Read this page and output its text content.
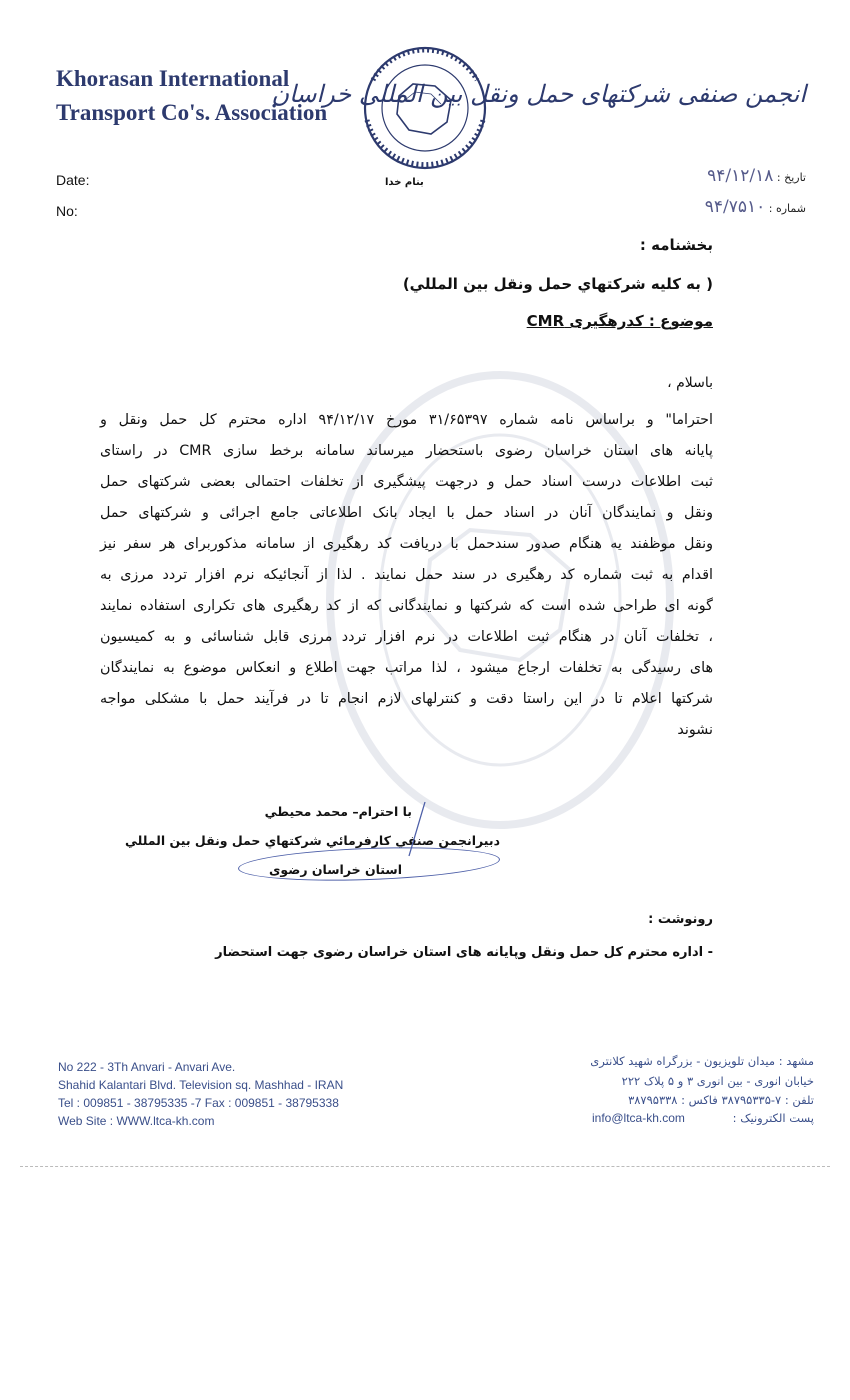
Khorasan International
Transport Co's. Association
بنام خدا
انجمن صنفی شرکتهای حمل ونقل بین المللی خراسان
Date:
No:
تاریخ : ۹۴/۱۲/۱۸
شماره : ۹۴/۷۵۱۰
بخشنامه :
( به کلیه شرکتهاي حمل ونقل بین المللي)
موضوع : کدرهگیری CMR
باسلام ،
احتراما" و براساس نامه شماره ۳۱/۶۵۳۹۷ مورخ ۹۴/۱۲/۱۷ اداره محترم کل حمل ونقل و
پایانه های استان خراسان رضوی باستحضار میرساند سامانه برخط سازی CMR در راستای
ثبت اطلاعات درست اسناد حمل و درجهت پیشگیری از تخلفات احتمالی بعضی شرکتهای حمل
ونقل و نمایندگان آنان در اسناد حمل با ایجاد بانک اطلاعاتی جامع اجرائی و شرکتهای حمل
ونقل موظفند یه هنگام صدور سندحمل با دریافت کد رهگیری از سامانه مذکوربرای هر سفر نیز
اقدام به ثبت شماره کد رهگیری در سند حمل نمایند . لذا از آنجائیکه نرم افزار تردد مرزی به
گونه ای طراحی شده است که شرکتها و نمایندگانی که از کد رهگیری های تکراری استفاده نمایند
، تخلفات آنان در هنگام ثبت اطلاعات در نرم افزار تردد مرزی قابل شناسائی و به کمیسیون
های رسیدگی به تخلفات ارجاع میشود ، لذا مراتب جهت اطلاع و انعکاس موضوع به نمایندگان
شرکتها اعلام تا در این راستا دقت و کنترلهای لازم انجام تا در فرآیند حمل با مشکلی مواجه
نشوند
با احترام– محمد محیطي
دبیرانجمن صنفي کارفرمائي شرکتهاي حمل ونقل بین المللي
استان خراسان رضوی
رونوشت :
- اداره محترم کل حمل ونقل وپایانه های استان خراسان رضوی جهت استحضار
No 222 - 3Th Anvari - Anvari Ave.
Shahid Kalantari Blvd. Television sq. Mashhad - IRAN
Tel : 009851 - 38795335 -7 Fax : 009851 - 38795338
Web Site : WWW.ltca-kh.com
مشهد : میدان تلویزیون - بزرگراه شهید کلانتری
خیابان انوری - بین انوری ۳ و ۵ پلاک ۲۲۲
تلفن : ۷-۳۸۷۹۵۳۳۵ فاکس : ۳۸۷۹۵۳۳۸
پست الکترونیک :
info@ltca-kh.com
